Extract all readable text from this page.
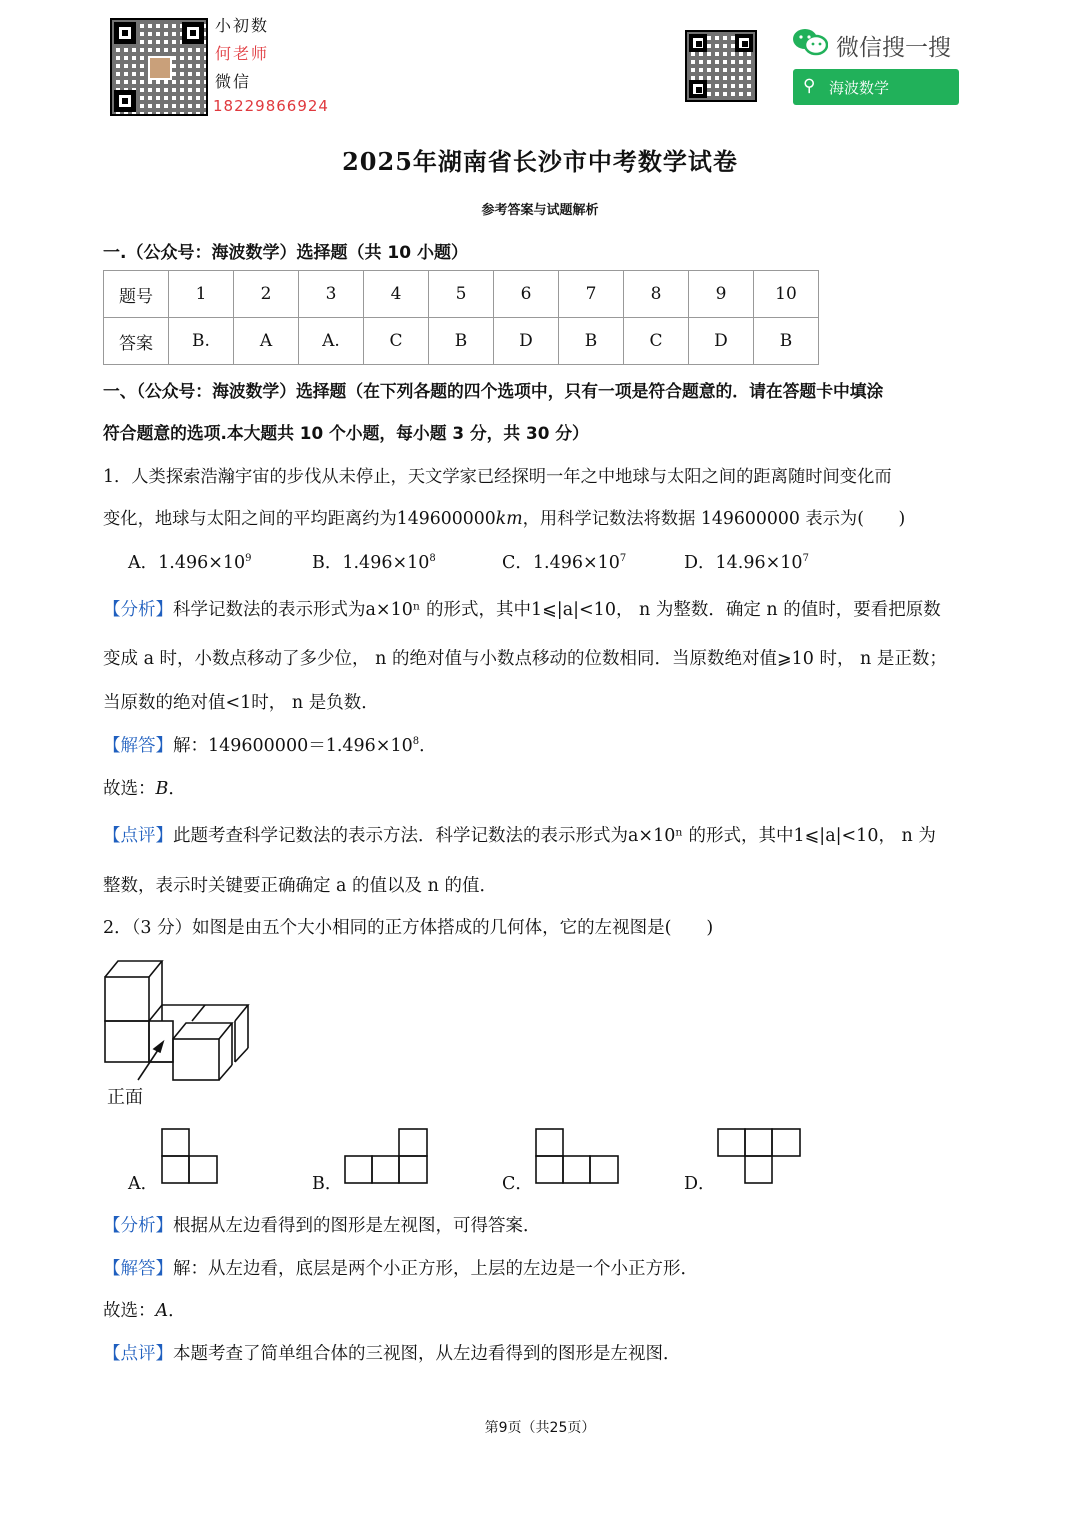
小初数
何老师
微信
18229866924
微信搜一搜
⚲ 海波数学
2025年湖南省长沙市中考数学试卷
参考答案与试题解析
一.（公众号：海波数学）选择题（共 10 小题）
题号	1	2	3	4	5	6	7	8	9	10
答案	B.	A	A.	C	B	D	B	C	D	B
一、（公众号：海波数学）选择题（在下列各题的四个选项中，只有一项是符合题意的．请在答题卡中填涂
符合题意的选项.本大题共 10 个小题，每小题 3 分，共 30 分）
1．人类探索浩瀚宇宙的步伐从未停止，天文学家已经探明一年之中地球与太阳之间的距离随时间变化而
变化，地球与太阳之间的平均距离约为149600000km，用科学记数法将数据 149600000 表示为(　　)
A．$1.496\times 10^9$	B．$1.496\times 10^8$	C．$1.496\times 10^7$	D．$14.96\times 10^7$
【分析】科学记数法的表示形式为a×10ⁿ 的形式，其中1⩽|a|<10， n 为整数．确定 n 的值时，要看把原数
变成 a 时，小数点移动了多少位， n 的绝对值与小数点移动的位数相同．当原数绝对值⩾10 时， n 是正数；
当原数的绝对值<1时， n 是负数．
【解答】解：$149600000=1.496\times 10^8$．
故选：B．
【点评】此题考查科学记数法的表示方法．科学记数法的表示形式为a×10ⁿ 的形式，其中1⩽|a|<10， n 为
整数，表示时关键要正确确定 a 的值以及 n 的值．
2．（3 分）如图是由五个大小相同的正方体搭成的几何体，它的左视图是(　　)
正面
A．	B．	C．	D．
【分析】根据从左边看得到的图形是左视图，可得答案．
【解答】解：从左边看，底层是两个小正方形，上层的左边是一个小正方形．
故选：A．
【点评】本题考查了简单组合体的三视图，从左边看得到的图形是左视图．
第9页（共25页）
